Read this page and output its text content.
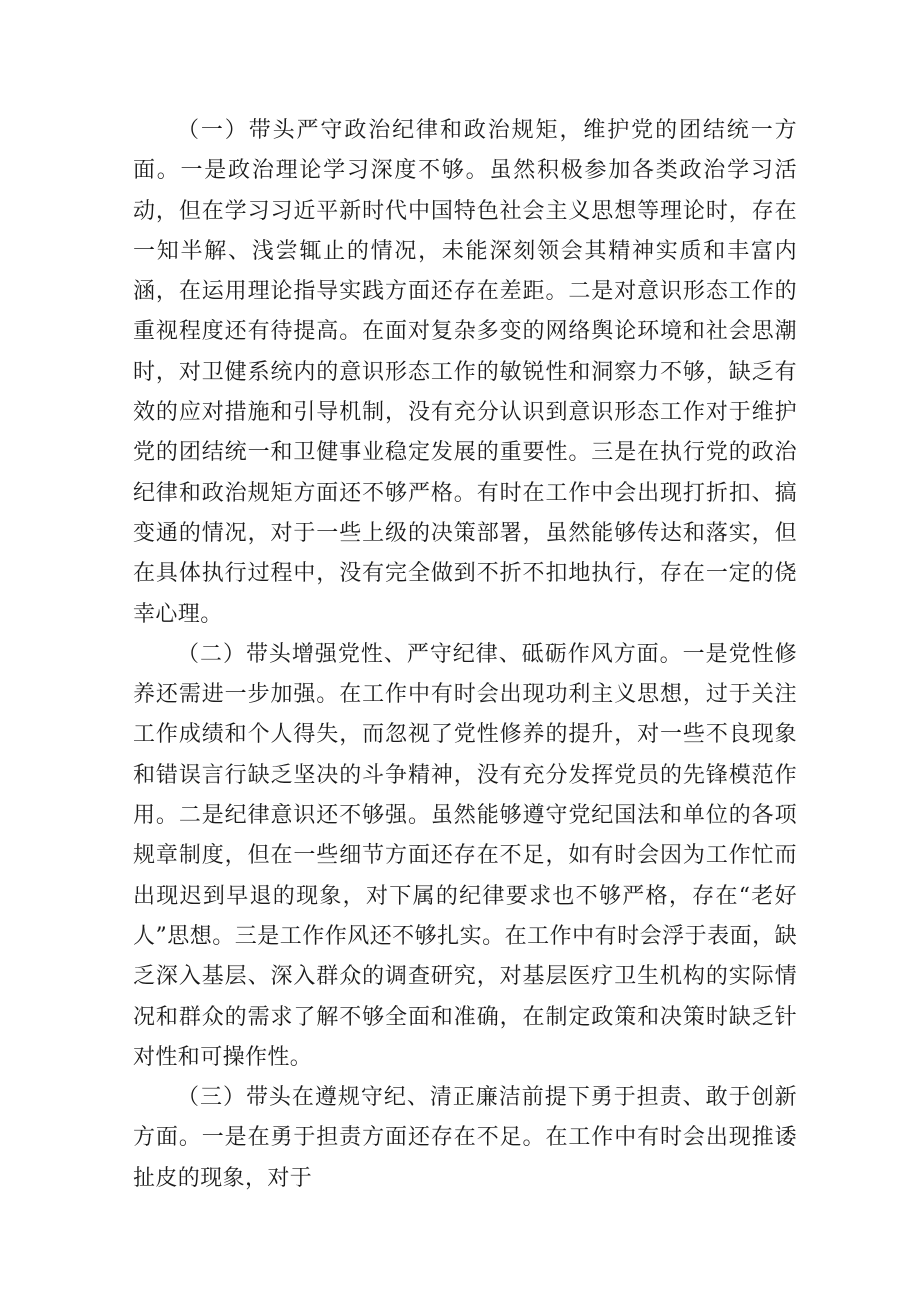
（一）带头严守政治纪律和政治规矩，维护党的团结统一方面。一是政治理论学习深度不够。虽然积极参加各类政治学习活动，但在学习习近平新时代中国特色社会主义思想等理论时，存在一知半解、浅尝辄止的情况，未能深刻领会其精神实质和丰富内涵，在运用理论指导实践方面还存在差距。二是对意识形态工作的重视程度还有待提高。在面对复杂多变的网络舆论环境和社会思潮时，对卫健系统内的意识形态工作的敏锐性和洞察力不够，缺乏有效的应对措施和引导机制，没有充分认识到意识形态工作对于维护党的团结统一和卫健事业稳定发展的重要性。三是在执行党的政治纪律和政治规矩方面还不够严格。有时在工作中会出现打折扣、搞变通的情况，对于一些上级的决策部署，虽然能够传达和落实，但在具体执行过程中，没有完全做到不折不扣地执行，存在一定的侥幸心理。

（二）带头增强党性、严守纪律、砥砺作风方面。一是党性修养还需进一步加强。在工作中有时会出现功利主义思想，过于关注工作成绩和个人得失，而忽视了党性修养的提升，对一些不良现象和错误言行缺乏坚决的斗争精神，没有充分发挥党员的先锋模范作用。二是纪律意识还不够强。虽然能够遵守党纪国法和单位的各项规章制度，但在一些细节方面还存在不足，如有时会因为工作忙而出现迟到早退的现象，对下属的纪律要求也不够严格，存在“老好人”思想。三是工作作风还不够扎实。在工作中有时会浮于表面，缺乏深入基层、深入群众的调查研究，对基层医疗卫生机构的实际情况和群众的需求了解不够全面和准确，在制定政策和决策时缺乏针对性和可操作性。

（三）带头在遵规守纪、清正廉洁前提下勇于担责、敢于创新方面。一是在勇于担责方面还存在不足。在工作中有时会出现推诿扯皮的现象，对于
